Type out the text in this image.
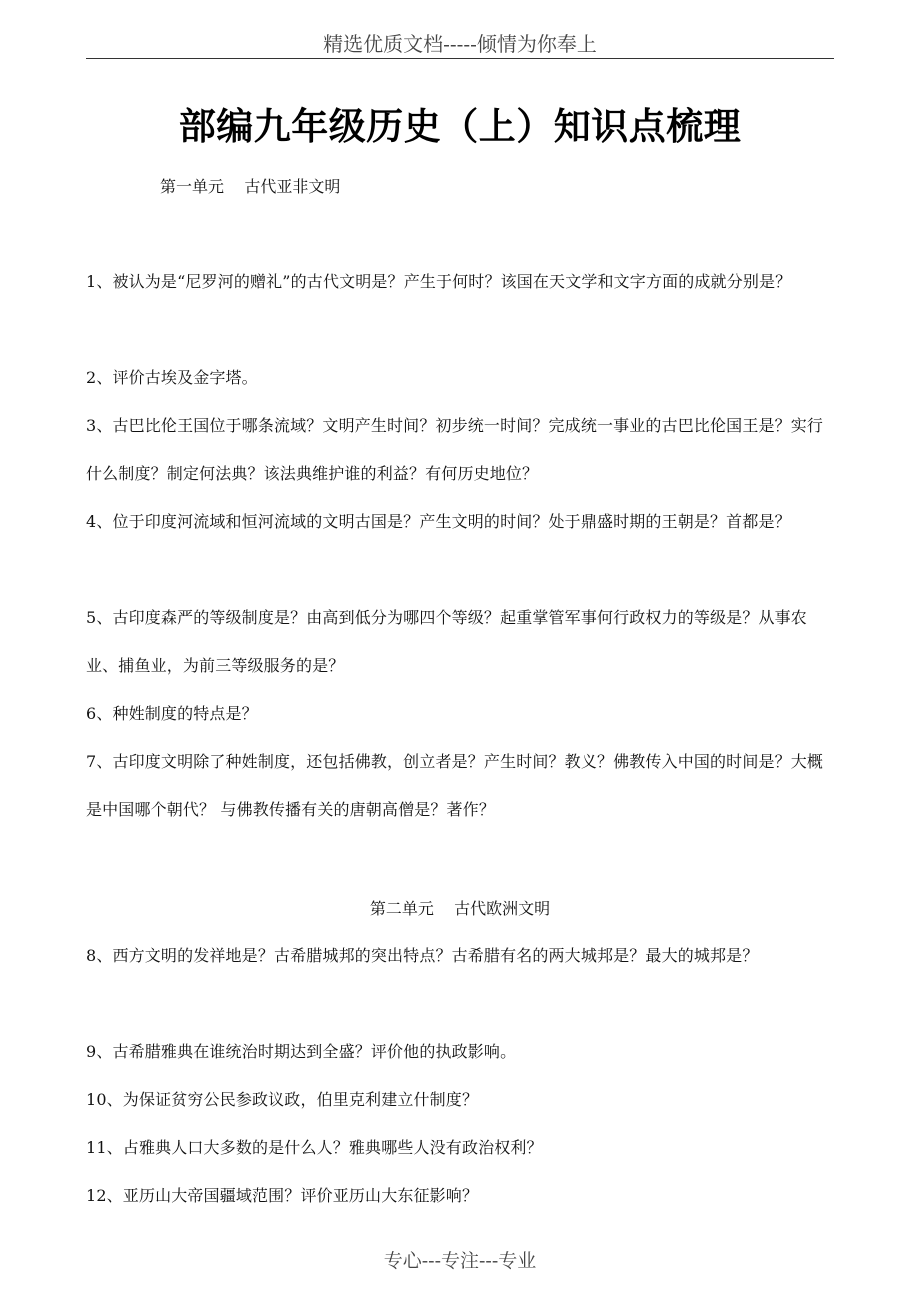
精选优质文档-----倾情为你奉上
部编九年级历史（上）知识点梳理
第一单元    古代亚非文明

1、被认为是“尼罗河的赠礼”的古代文明是？产生于何时？该国在天文学和文字方面的成就分别是？

2、评价古埃及金字塔。

3、古巴比伦王国位于哪条流域？文明产生时间？初步统一时间？完成统一事业的古巴比伦国王是？实行什么制度？制定何法典？该法典维护谁的利益？有何历史地位？

4、位于印度河流域和恒河流域的文明古国是？产生文明的时间？处于鼎盛时期的王朝是？首都是？

5、古印度森严的等级制度是？由高到低分为哪四个等级？起重掌管军事何行政权力的等级是？从事农业、捕鱼业，为前三等级服务的是？

6、种姓制度的特点是？

7、古印度文明除了种姓制度，还包括佛教，创立者是？产生时间？教义？佛教传入中国的时间是？大概是中国哪个朝代？ 与佛教传播有关的唐朝高僧是？著作？

第二单元    古代欧洲文明

8、西方文明的发祥地是？古希腊城邦的突出特点？古希腊有名的两大城邦是？最大的城邦是？

9、古希腊雅典在谁统治时期达到全盛？评价他的执政影响。

10、为保证贫穷公民参政议政，伯里克利建立什制度？

11、占雅典人口大多数的是什么人？雅典哪些人没有政治权利？

12、亚历山大帝国疆域范围？评价亚历山大东征影响？

专心---专注---专业
